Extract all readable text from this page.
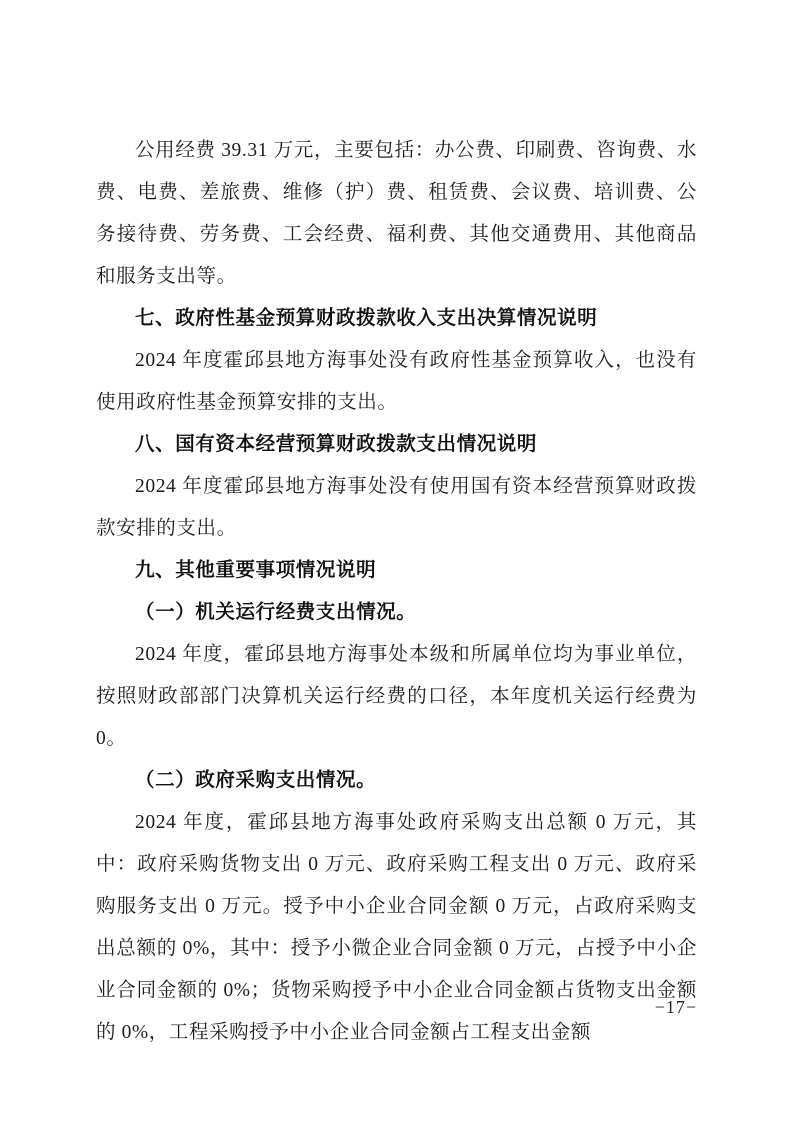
公用经费 39.31 万元，主要包括：办公费、印刷费、咨询费、水费、电费、差旅费、维修（护）费、租赁费、会议费、培训费、公务接待费、劳务费、工会经费、福利费、其他交通费用、其他商品和服务支出等。

七、政府性基金预算财政拨款收入支出决算情况说明

2024 年度霍邱县地方海事处没有政府性基金预算收入，也没有使用政府性基金预算安排的支出。

八、国有资本经营预算财政拨款支出情况说明

2024 年度霍邱县地方海事处没有使用国有资本经营预算财政拨款安排的支出。

九、其他重要事项情况说明

（一）机关运行经费支出情况。

2024 年度，霍邱县地方海事处本级和所属单位均为事业单位，按照财政部部门决算机关运行经费的口径，本年度机关运行经费为 0。

（二）政府采购支出情况。

2024 年度，霍邱县地方海事处政府采购支出总额 0 万元，其中：政府采购货物支出 0 万元、政府采购工程支出 0 万元、政府采购服务支出 0 万元。授予中小企业合同金额 0 万元，占政府采购支出总额的 0%，其中：授予小微企业合同金额 0 万元，占授予中小企业合同金额的 0%；货物采购授予中小企业合同金额占货物支出金额的 0%，工程采购授予中小企业合同金额占工程支出金额

−17−
